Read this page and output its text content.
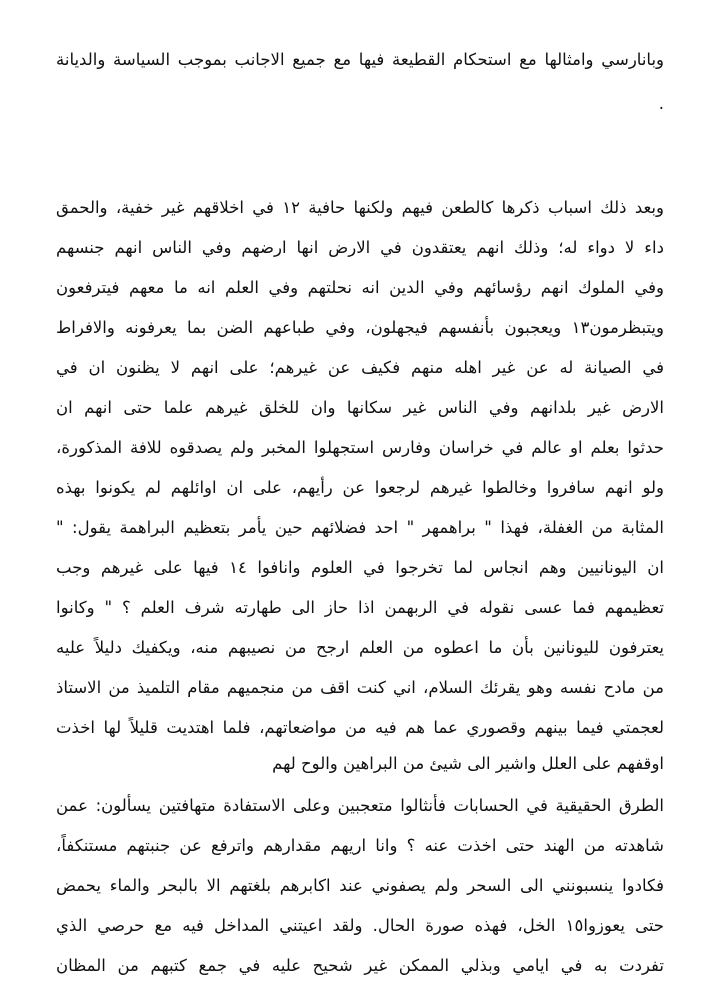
وبانارسي وامثالها مع استحكام القطيعة فيها مع جميع الاجانب بموجب السياسة والديانة
.
وبعد ذلك اسباب ذكرها كالطعن فيهم ولكنها حافية ١٢ في اخلاقهم غير خفية، والحمق
داء لا دواء له؛ وذلك انهم يعتقدون في الارض انها ارضهم وفي الناس انهم جنسهم
وفي الملوك انهم رؤسائهم وفي الدين انه نحلتهم وفي العلم انه ما معهم فيترفعون
ويتبظرمون١٣ ويعجبون بأنفسهم فيجهلون، وفي طباعهم الضن بما يعرفونه والافراط
في الصيانة له عن غير اهله منهم فكيف عن غيرهم؛ على انهم لا يظنون ان في
الارض غير بلدانهم وفي الناس غير سكانها وان للخلق غيرهم علما حتى انهم ان
حدثوا بعلم او عالم في خراسان وفارس استجهلوا المخبر ولم يصدقوه للافة المذكورة،
ولو انهم سافروا وخالطوا غيرهم لرجعوا عن رأيهم، على ان اوائلهم لم يكونوا بهذه
المثابة من الغفلة، فهذا " براهمهر " احد فضلائهم حين يأمر بتعظيم البراهمة يقول: "
ان اليونانيين وهم انجاس لما تخرجوا في العلوم وانافوا ١٤ فيها على غيرهم وجب
تعظيمهم فما عسى نقوله في الربهمن اذا حاز الى طهارته شرف العلم ؟ " وكانوا
يعترفون لليونانين بأن ما اعطوه من العلم ارجح من نصيبهم منه، ويكفيك دليلاً عليه
من مادح نفسه وهو يقرئك السلام، اني كنت اقف من منجميهم مقام التلميذ من الاستاذ
لعجمتي فيما بينهم وقصوري عما هم فيه من مواضعاتهم، فلما اهتديت قليلاً لها اخذت
اوقفهم على العلل واشير الى شيئ من البراهين والوح لهم
الطرق الحقيقية في الحسابات فأنثالوا متعجبين وعلى الاستفادة متهافتين يسألون: عمن
شاهدته من الهند حتى اخذت عنه ؟ وانا اريهم مقدارهم واترفع عن جنبتهم مستنكفاً،
فكادوا ينسبونني الى السحر ولم يصفوني عند اكابرهم بلغتهم الا بالبحر والماء يحمض
حتى يعوزوا١٥ الخل، فهذه صورة الحال. ولقد اعيتني المداخل فيه مع حرصي الذي
تفردت به في ايامي وبذلي الممكن غير شحيح عليه في جمع كتبهم من المظان
